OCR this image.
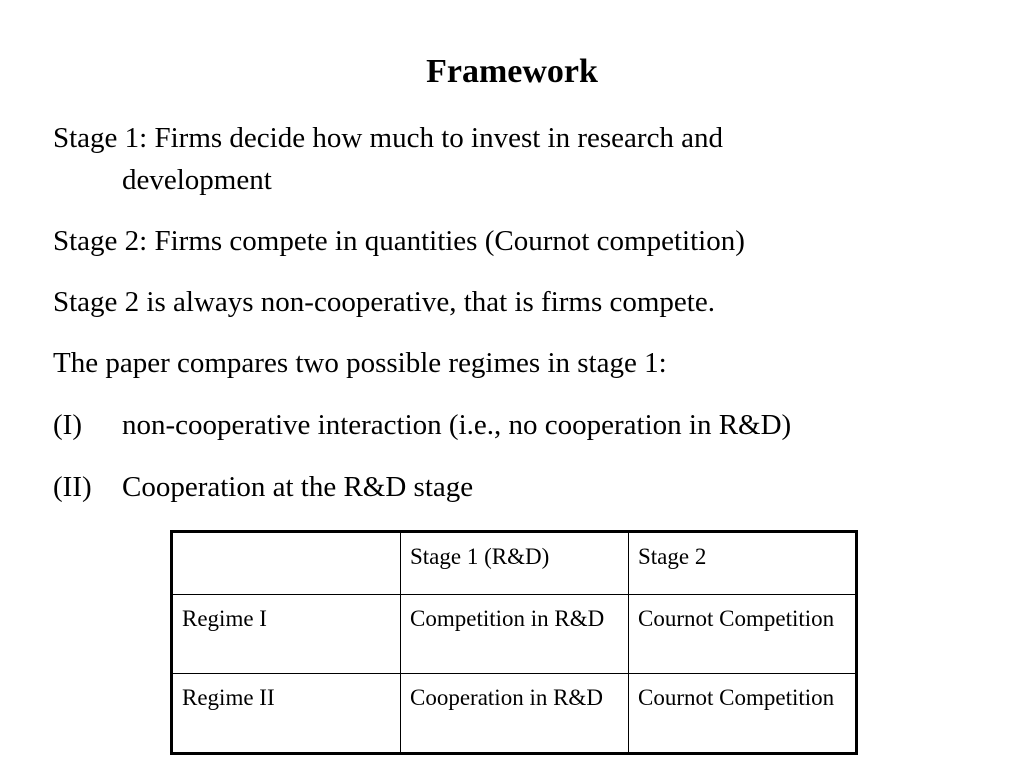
Framework
Stage 1: Firms decide how much to invest in research and
development
Stage 2: Firms compete in quantities (Cournot competition)
Stage 2 is always non-cooperative, that is firms compete.
The paper compares two possible regimes in stage 1:
(I) non-cooperative interaction (i.e., no cooperation in R&D)
(II) Cooperation at the R&D stage
	Stage 1 (R&D)	Stage 2
Regime I	Competition in R&D	Cournot Competition
Regime II	Cooperation in R&D	Cournot Competition
